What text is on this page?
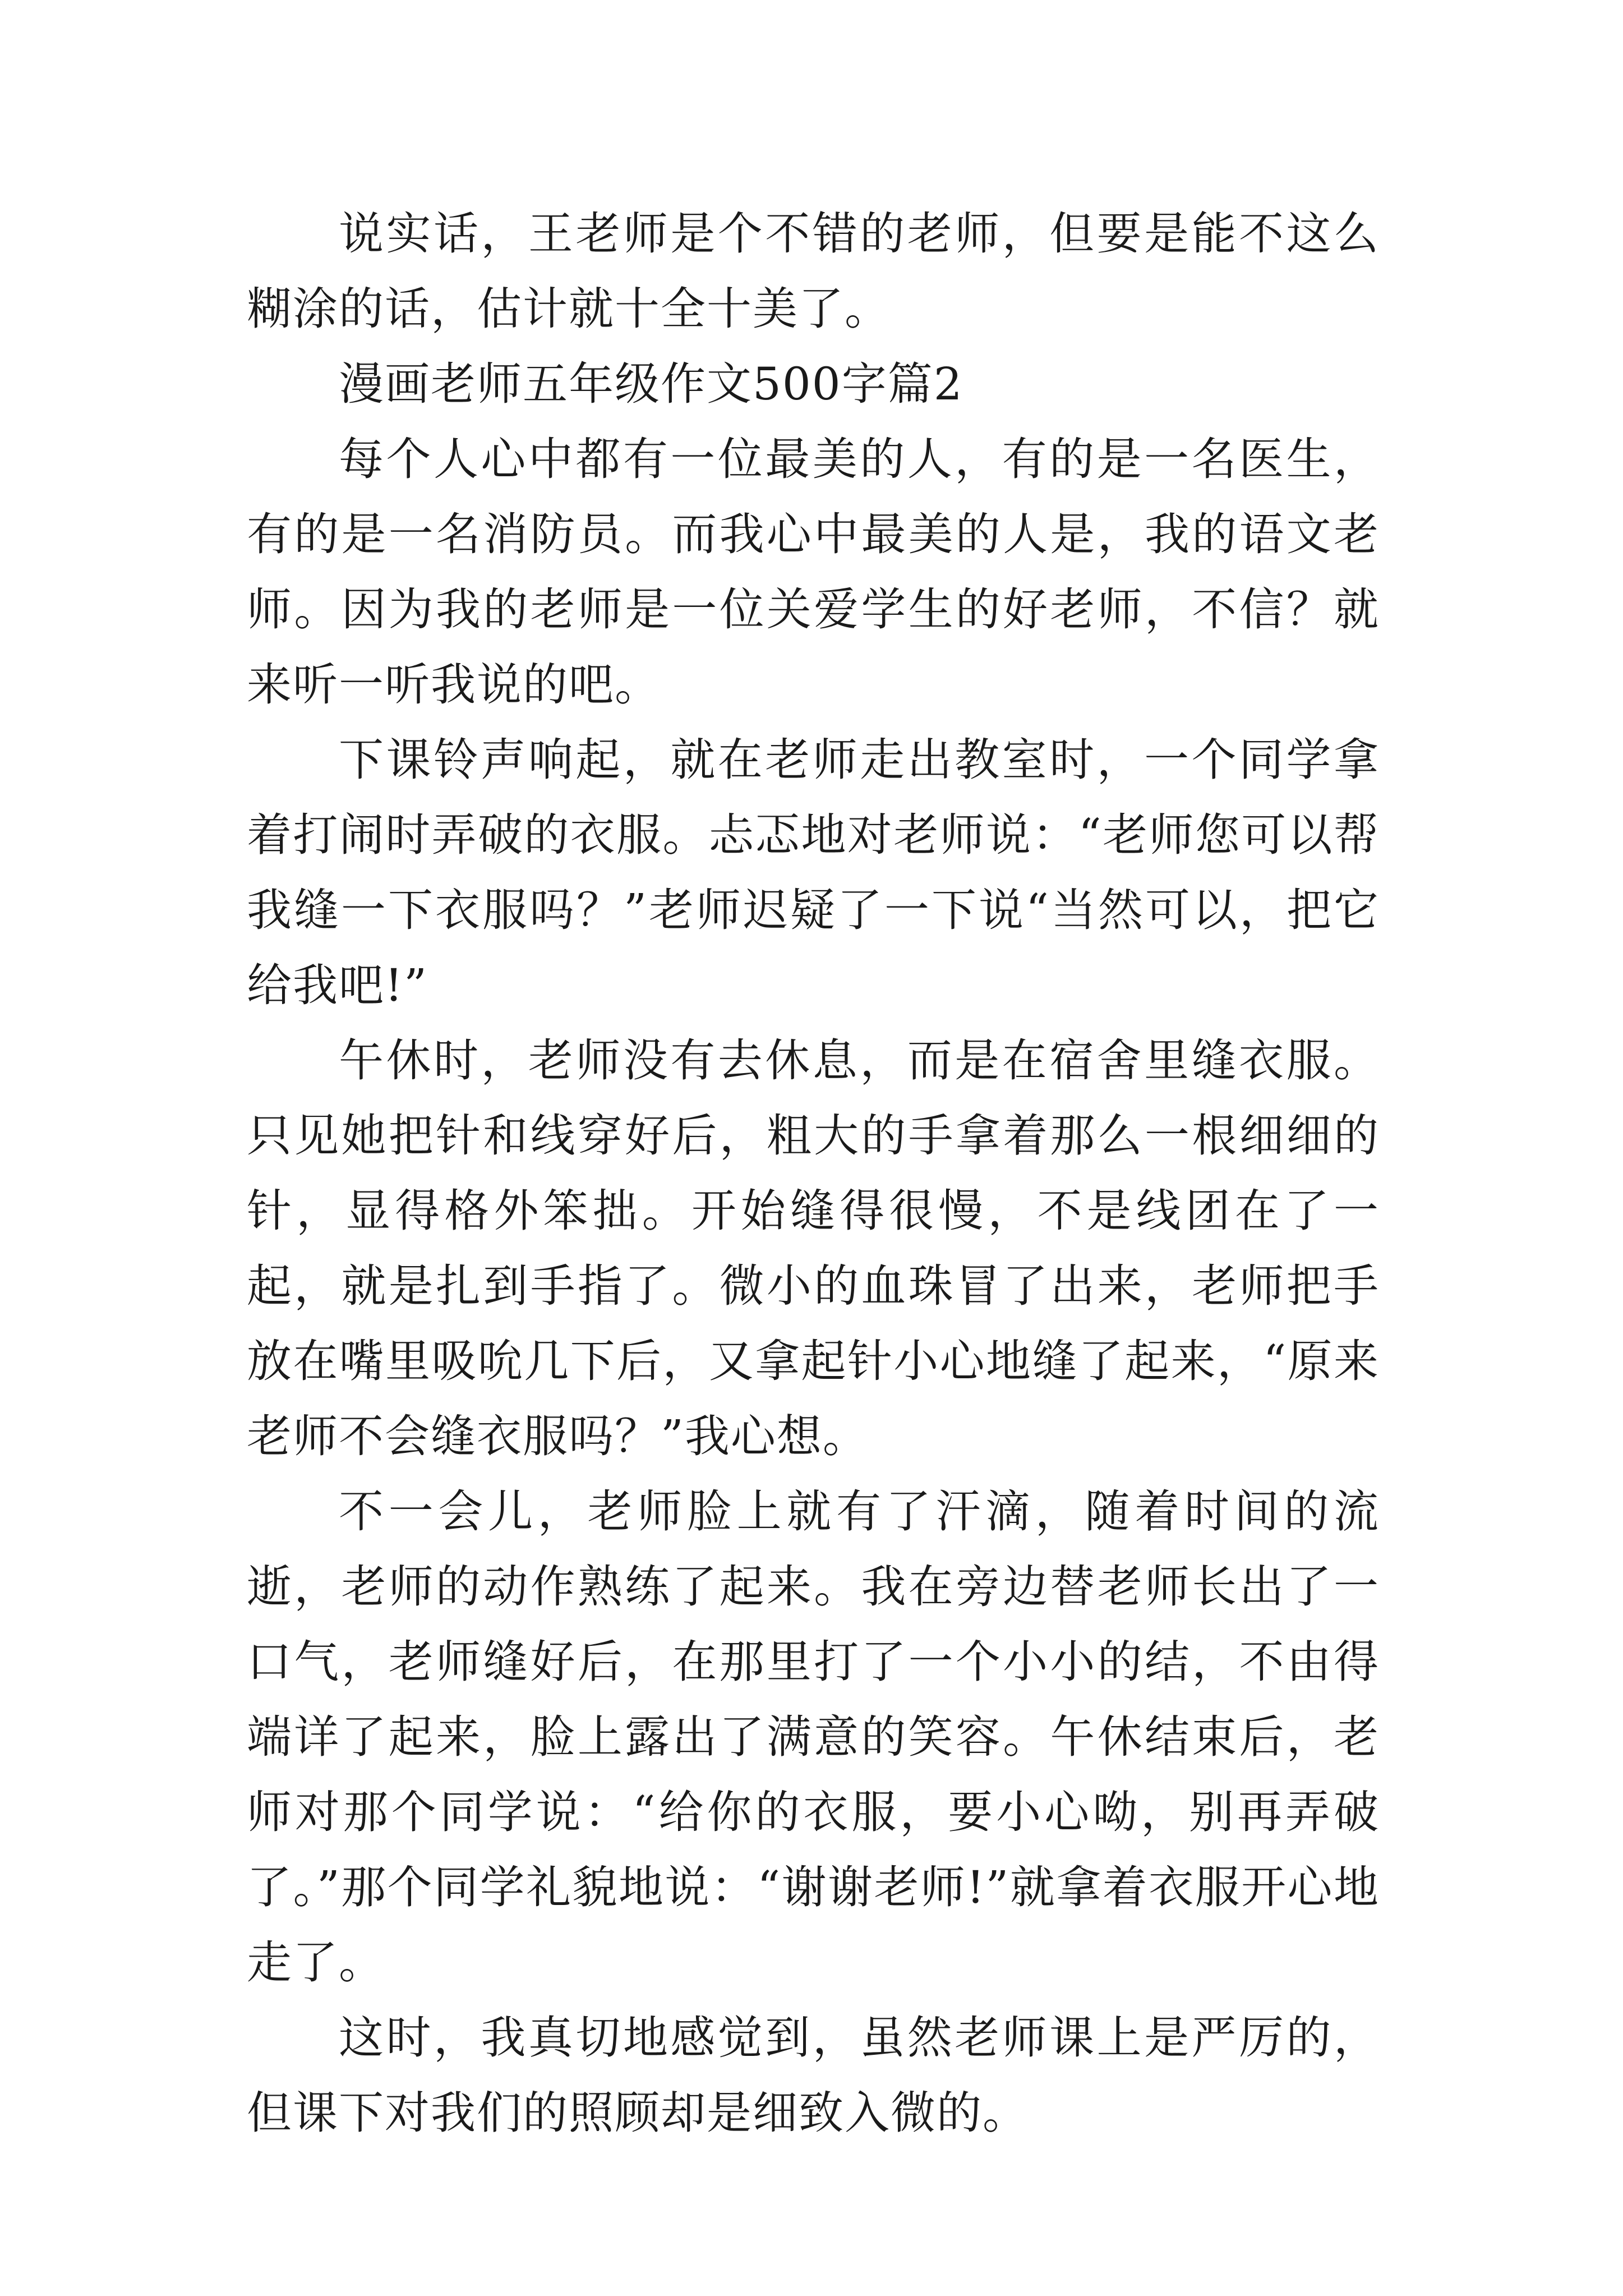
说实话，王老师是个不错的老师，但要是能不这么糊涂的话，估计就十全十美了。

漫画老师五年级作文500字篇2

每个人心中都有一位最美的人，有的是一名医生，有的是一名消防员。而我心中最美的人是，我的语文老师。因为我的老师是一位关爱学生的好老师，不信？就来听一听我说的吧。

下课铃声响起，就在老师走出教室时，一个同学拿着打闹时弄破的衣服。忐忑地对老师说：“老师您可以帮我缝一下衣服吗？”老师迟疑了一下说“当然可以，把它给我吧!”

午休时，老师没有去休息，而是在宿舍里缝衣服。只见她把针和线穿好后，粗大的手拿着那么一根细细的针，显得格外笨拙。开始缝得很慢，不是线团在了一起，就是扎到手指了。微小的血珠冒了出来，老师把手放在嘴里吸吮几下后，又拿起针小心地缝了起来，“原来老师不会缝衣服吗？”我心想。

不一会儿，老师脸上就有了汗滴，随着时间的流逝，老师的动作熟练了起来。我在旁边替老师长出了一口气，老师缝好后，在那里打了一个小小的结，不由得端详了起来，脸上露出了满意的笑容。午休结束后，老师对那个同学说：“给你的衣服，要小心呦，别再弄破了。”那个同学礼貌地说：“谢谢老师!”就拿着衣服开心地走了。

这时，我真切地感觉到，虽然老师课上是严厉的，但课下对我们的照顾却是细致入微的。
